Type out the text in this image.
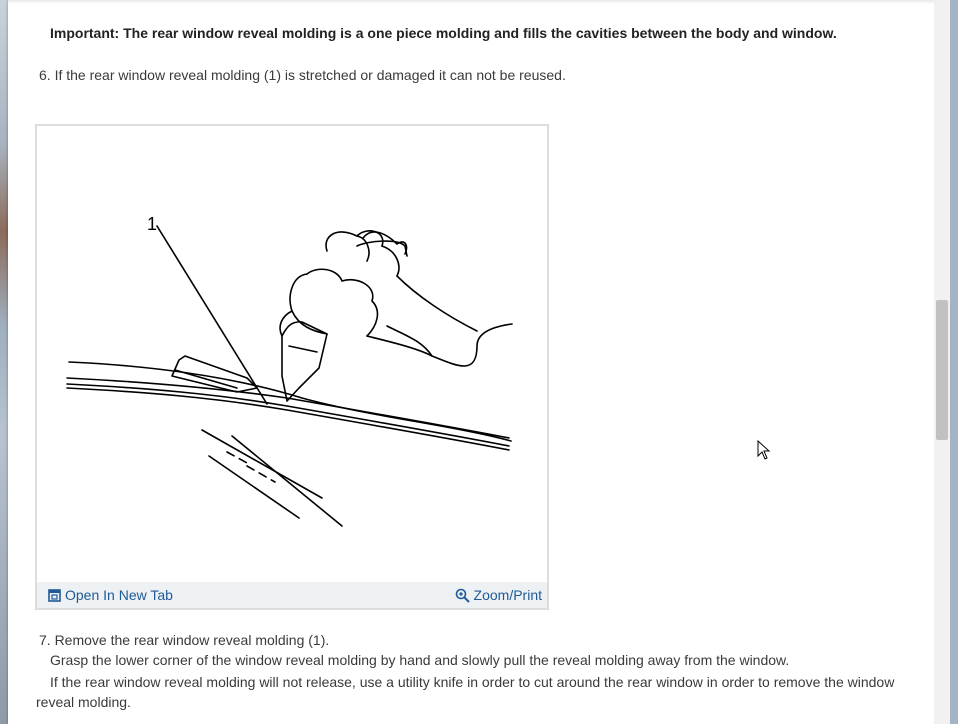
Important: The rear window reveal molding is a one piece molding and fills the cavities between the body and window.
6. If the rear window reveal molding (1) is stretched or damaged it can not be reused.
1
Open In New Tab	Zoom/Print
7. Remove the rear window reveal molding (1).
Grasp the lower corner of the window reveal molding by hand and slowly pull the reveal molding away from the window.
If the rear window reveal molding will not release, use a utility knife in order to cut around the rear window in order to remove the window reveal molding.
